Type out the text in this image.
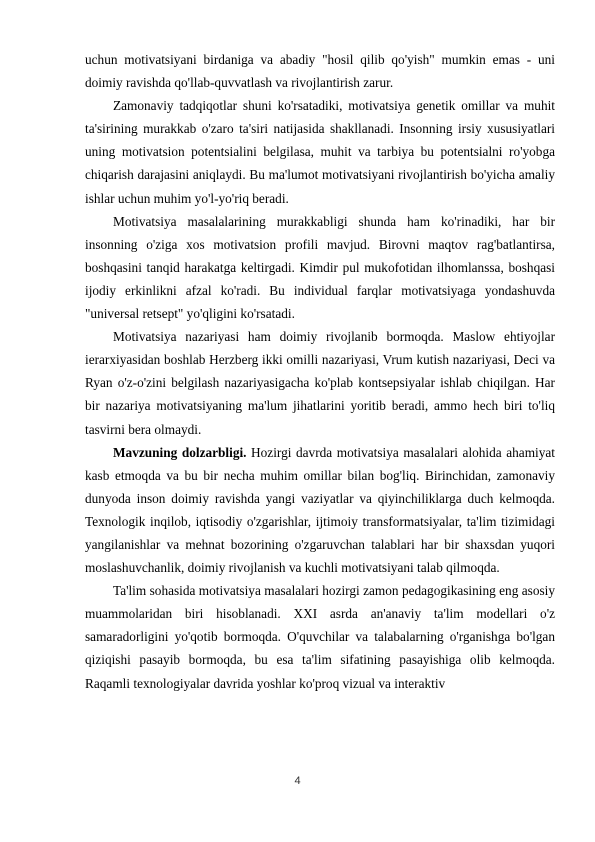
uchun motivatsiyani birdaniga va abadiy "hosil qilib qo'yish" mumkin emas - uni doimiy ravishda qo'llab-quvvatlash va rivojlantirish zarur.

Zamonaviy tadqiqotlar shuni ko'rsatadiki, motivatsiya genetik omillar va muhit ta'sirining murakkab o'zaro ta'siri natijasida shakllanadi. Insonning irsiy xususiyatlari uning motivatsion potentsialini belgilasa, muhit va tarbiya bu potentsialni ro'yobga chiqarish darajasini aniqlaydi. Bu ma'lumot motivatsiyani rivojlantirish bo'yicha amaliy ishlar uchun muhim yo'l-yo'riq beradi.

Motivatsiya masalalarining murakkabligi shunda ham ko'rinadiki, har bir insonning o'ziga xos motivatsion profili mavjud. Birovni maqtov rag'batlantirsa, boshqasini tanqid harakatga keltirgadi. Kimdir pul mukofotidan ilhomlanssa, boshqasi ijodiy erkinlikni afzal ko'radi. Bu individual farqlar motivatsiyaga yondashuvda "universal retsept" yo'qligini ko'rsatadi.

Motivatsiya nazariyasi ham doimiy rivojlanib bormoqda. Maslow ehtiyojlar ierarxiyasidan boshlab Herzberg ikki omilli nazariyasi, Vrum kutish nazariyasi, Deci va Ryan o'z-o'zini belgilash nazariyasigacha ko'plab kontsepsiyalar ishlab chiqilgan. Har bir nazariya motivatsiyaning ma'lum jihatlarini yoritib beradi, ammo hech biri to'liq tasvirni bera olmaydi.

Mavzuning dolzarbligi. Hozirgi davrda motivatsiya masalalari alohida ahamiyat kasb etmoqda va bu bir necha muhim omillar bilan bog'liq. Birinchidan, zamonaviy dunyoda inson doimiy ravishda yangi vaziyatlar va qiyinchiliklarga duch kelmoqda. Texnologik inqilob, iqtisodiy o'zgarishlar, ijtimoiy transformatsiyalar, ta'lim tizimidagi yangilanishlar va mehnat bozorining o'zgaruvchan talablari har bir shaxsdan yuqori moslashuvchanlik, doimiy rivojlanish va kuchli motivatsiyani talab qilmoqda.

Ta'lim sohasida motivatsiya masalalari hozirgi zamon pedagogikasining eng asosiy muammolaridan biri hisoblanadi. XXI asrda an'anaviy ta'lim modellari o'z samaradorligini yo'qotib bormoqda. O'quvchilar va talabalarning o'rganishga bo'lgan qiziqishi pasayib bormoqda, bu esa ta'lim sifatining pasayishiga olib kelmoqda. Raqamli texnologiyalar davrida yoshlar ko'proq vizual va interaktiv

4
